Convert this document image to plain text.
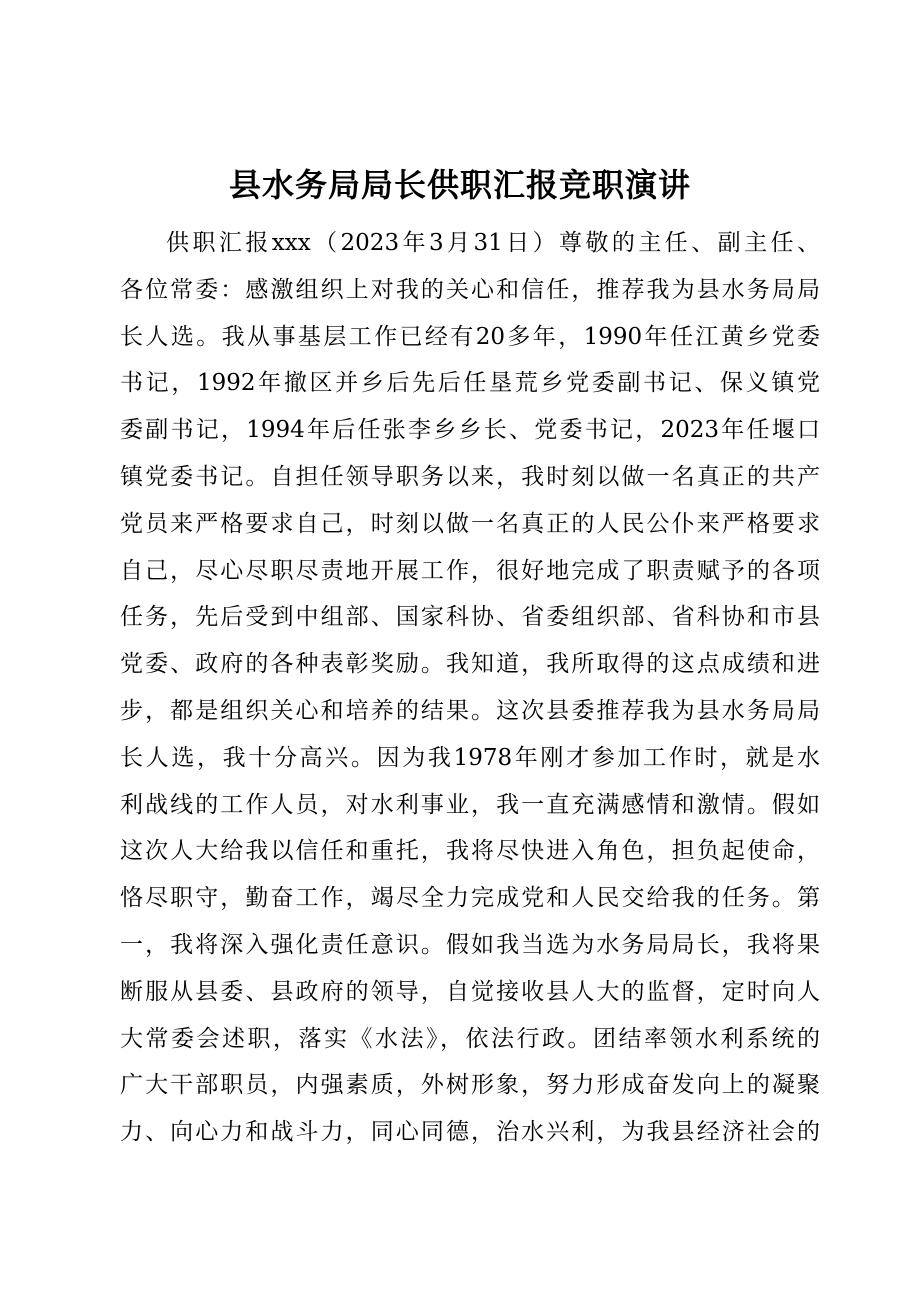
县水务局局长供职汇报竞职演讲
供职汇报xxx（2023年3月31日）尊敬的主任、副主任、
各位常委：感激组织上对我的关心和信任，推荐我为县水务局局
长人选。我从事基层工作已经有20多年，1990年任江黄乡党委
书记，1992年撤区并乡后先后任垦荒乡党委副书记、保义镇党
委副书记，1994年后任张李乡乡长、党委书记，2023年任堰口
镇党委书记。自担任领导职务以来，我时刻以做一名真正的共产
党员来严格要求自己，时刻以做一名真正的人民公仆来严格要求
自己，尽心尽职尽责地开展工作，很好地完成了职责赋予的各项
任务，先后受到中组部、国家科协、省委组织部、省科协和市县
党委、政府的各种表彰奖励。我知道，我所取得的这点成绩和进
步，都是组织关心和培养的结果。这次县委推荐我为县水务局局
长人选，我十分高兴。因为我1978年刚才参加工作时，就是水
利战线的工作人员，对水利事业，我一直充满感情和激情。假如
这次人大给我以信任和重托，我将尽快进入角色，担负起使命，
恪尽职守，勤奋工作，竭尽全力完成党和人民交给我的任务。第
一，我将深入强化责任意识。假如我当选为水务局局长，我将果
断服从县委、县政府的领导，自觉接收县人大的监督，定时向人
大常委会述职，落实《水法》，依法行政。团结率领水利系统的
广大干部职员，内强素质，外树形象，努力形成奋发向上的凝聚
力、向心力和战斗力，同心同德，治水兴利，为我县经济社会的
